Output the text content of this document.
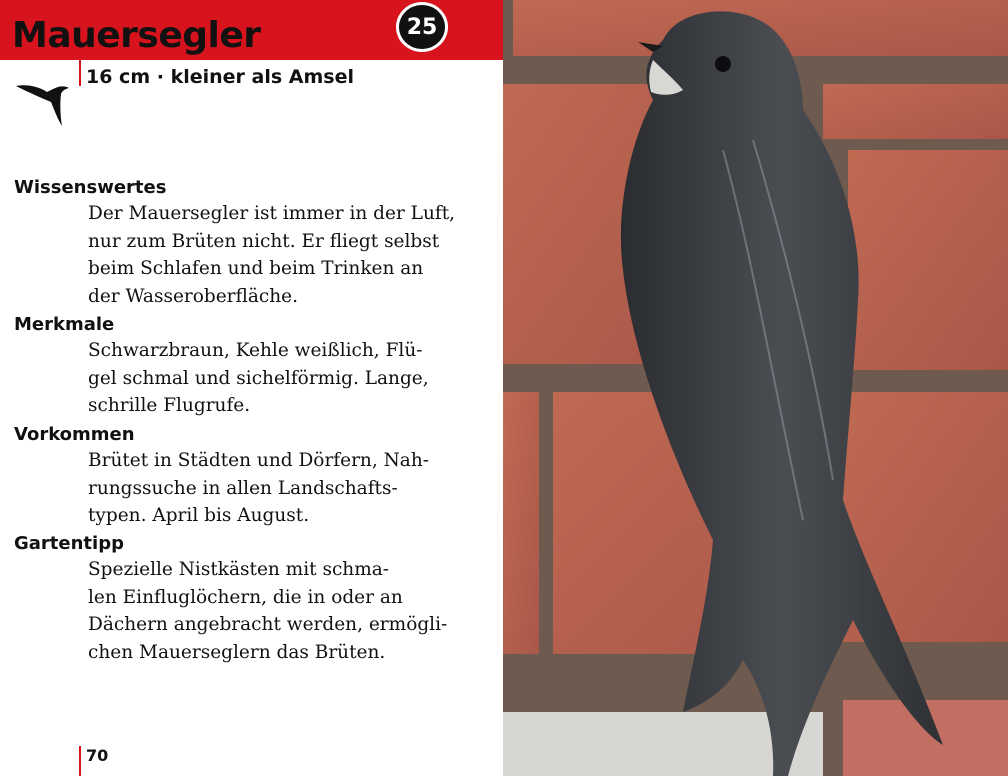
Mauersegler	25
16 cm · kleiner als Amsel
Wissenswertes
Der Mauersegler ist immer in der Luft,
nur zum Brüten nicht. Er fliegt selbst
beim Schlafen und beim Trinken an
der Wasseroberfläche.
Merkmale
Schwarzbraun, Kehle weißlich, Flü-
gel schmal und sichelförmig. Lange,
schrille Flugrufe.
Vorkommen
Brütet in Städten und Dörfern, Nah-
rungssuche in allen Landschafts-
typen. April bis August.
Gartentipp
Spezielle Nistkästen mit schma-
len Einfluglöchern, die in oder an
Dächern angebracht werden, ermögli-
chen Mauerseglern das Brüten.
70
